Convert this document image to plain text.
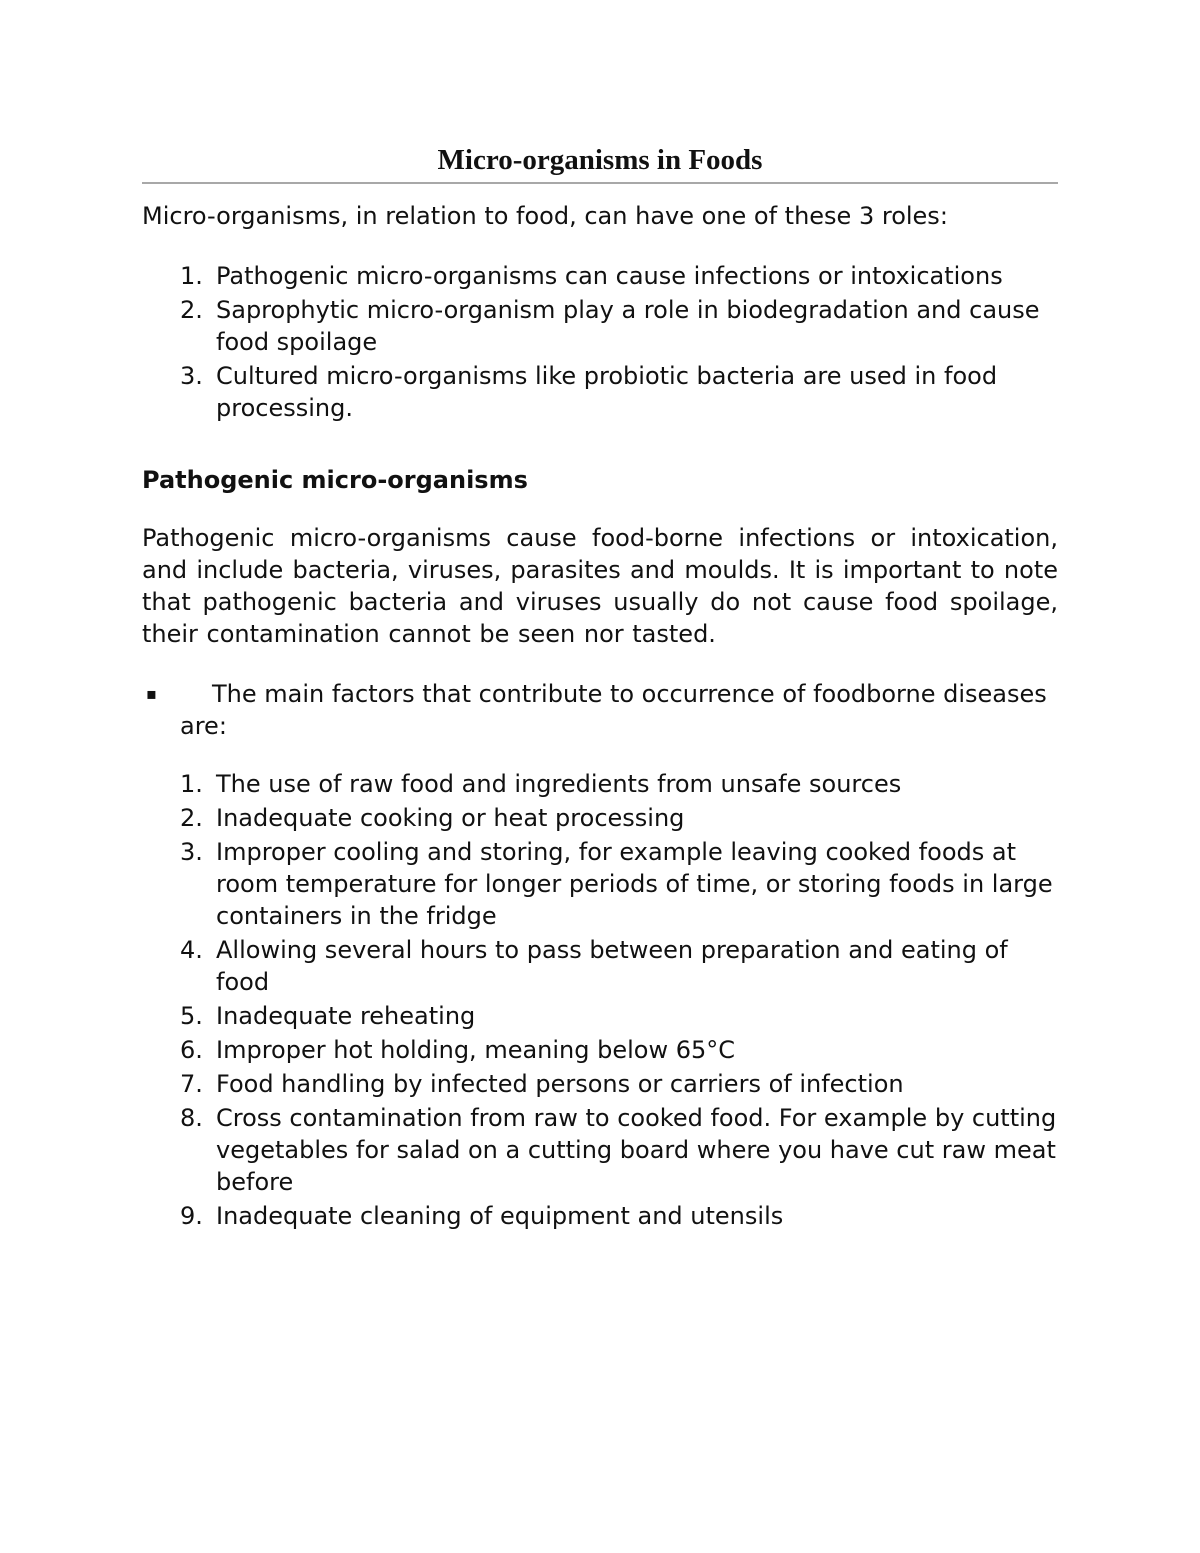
Micro-organisms in Foods

Micro-organisms, in relation to food, can have one of these 3 roles:

1. Pathogenic micro-organisms can cause infections or intoxications
2. Saprophytic micro-organism play a role in biodegradation and cause food spoilage
3. Cultured micro-organisms like probiotic bacteria are used in food processing.
Pathogenic micro-organisms

Pathogenic micro-organisms cause food-borne infections or intoxication, and include bacteria, viruses, parasites and moulds. It is important to note that pathogenic bacteria and viruses usually do not cause food spoilage, their contamination cannot be seen nor tasted.

▪	The main factors that contribute to occurrence of foodborne diseases are:
1. The use of raw food and ingredients from unsafe sources
2. Inadequate cooking or heat processing
3. Improper cooling and storing, for example leaving cooked foods at room temperature for longer periods of time, or storing foods in large containers in the fridge
4. Allowing several hours to pass between preparation and eating of food
5. Inadequate reheating
6. Improper hot holding, meaning below 65°C
7. Food handling by infected persons or carriers of infection
8. Cross contamination from raw to cooked food. For example by cutting vegetables for salad on a cutting board where you have cut raw meat before
9. Inadequate cleaning of equipment and utensils
